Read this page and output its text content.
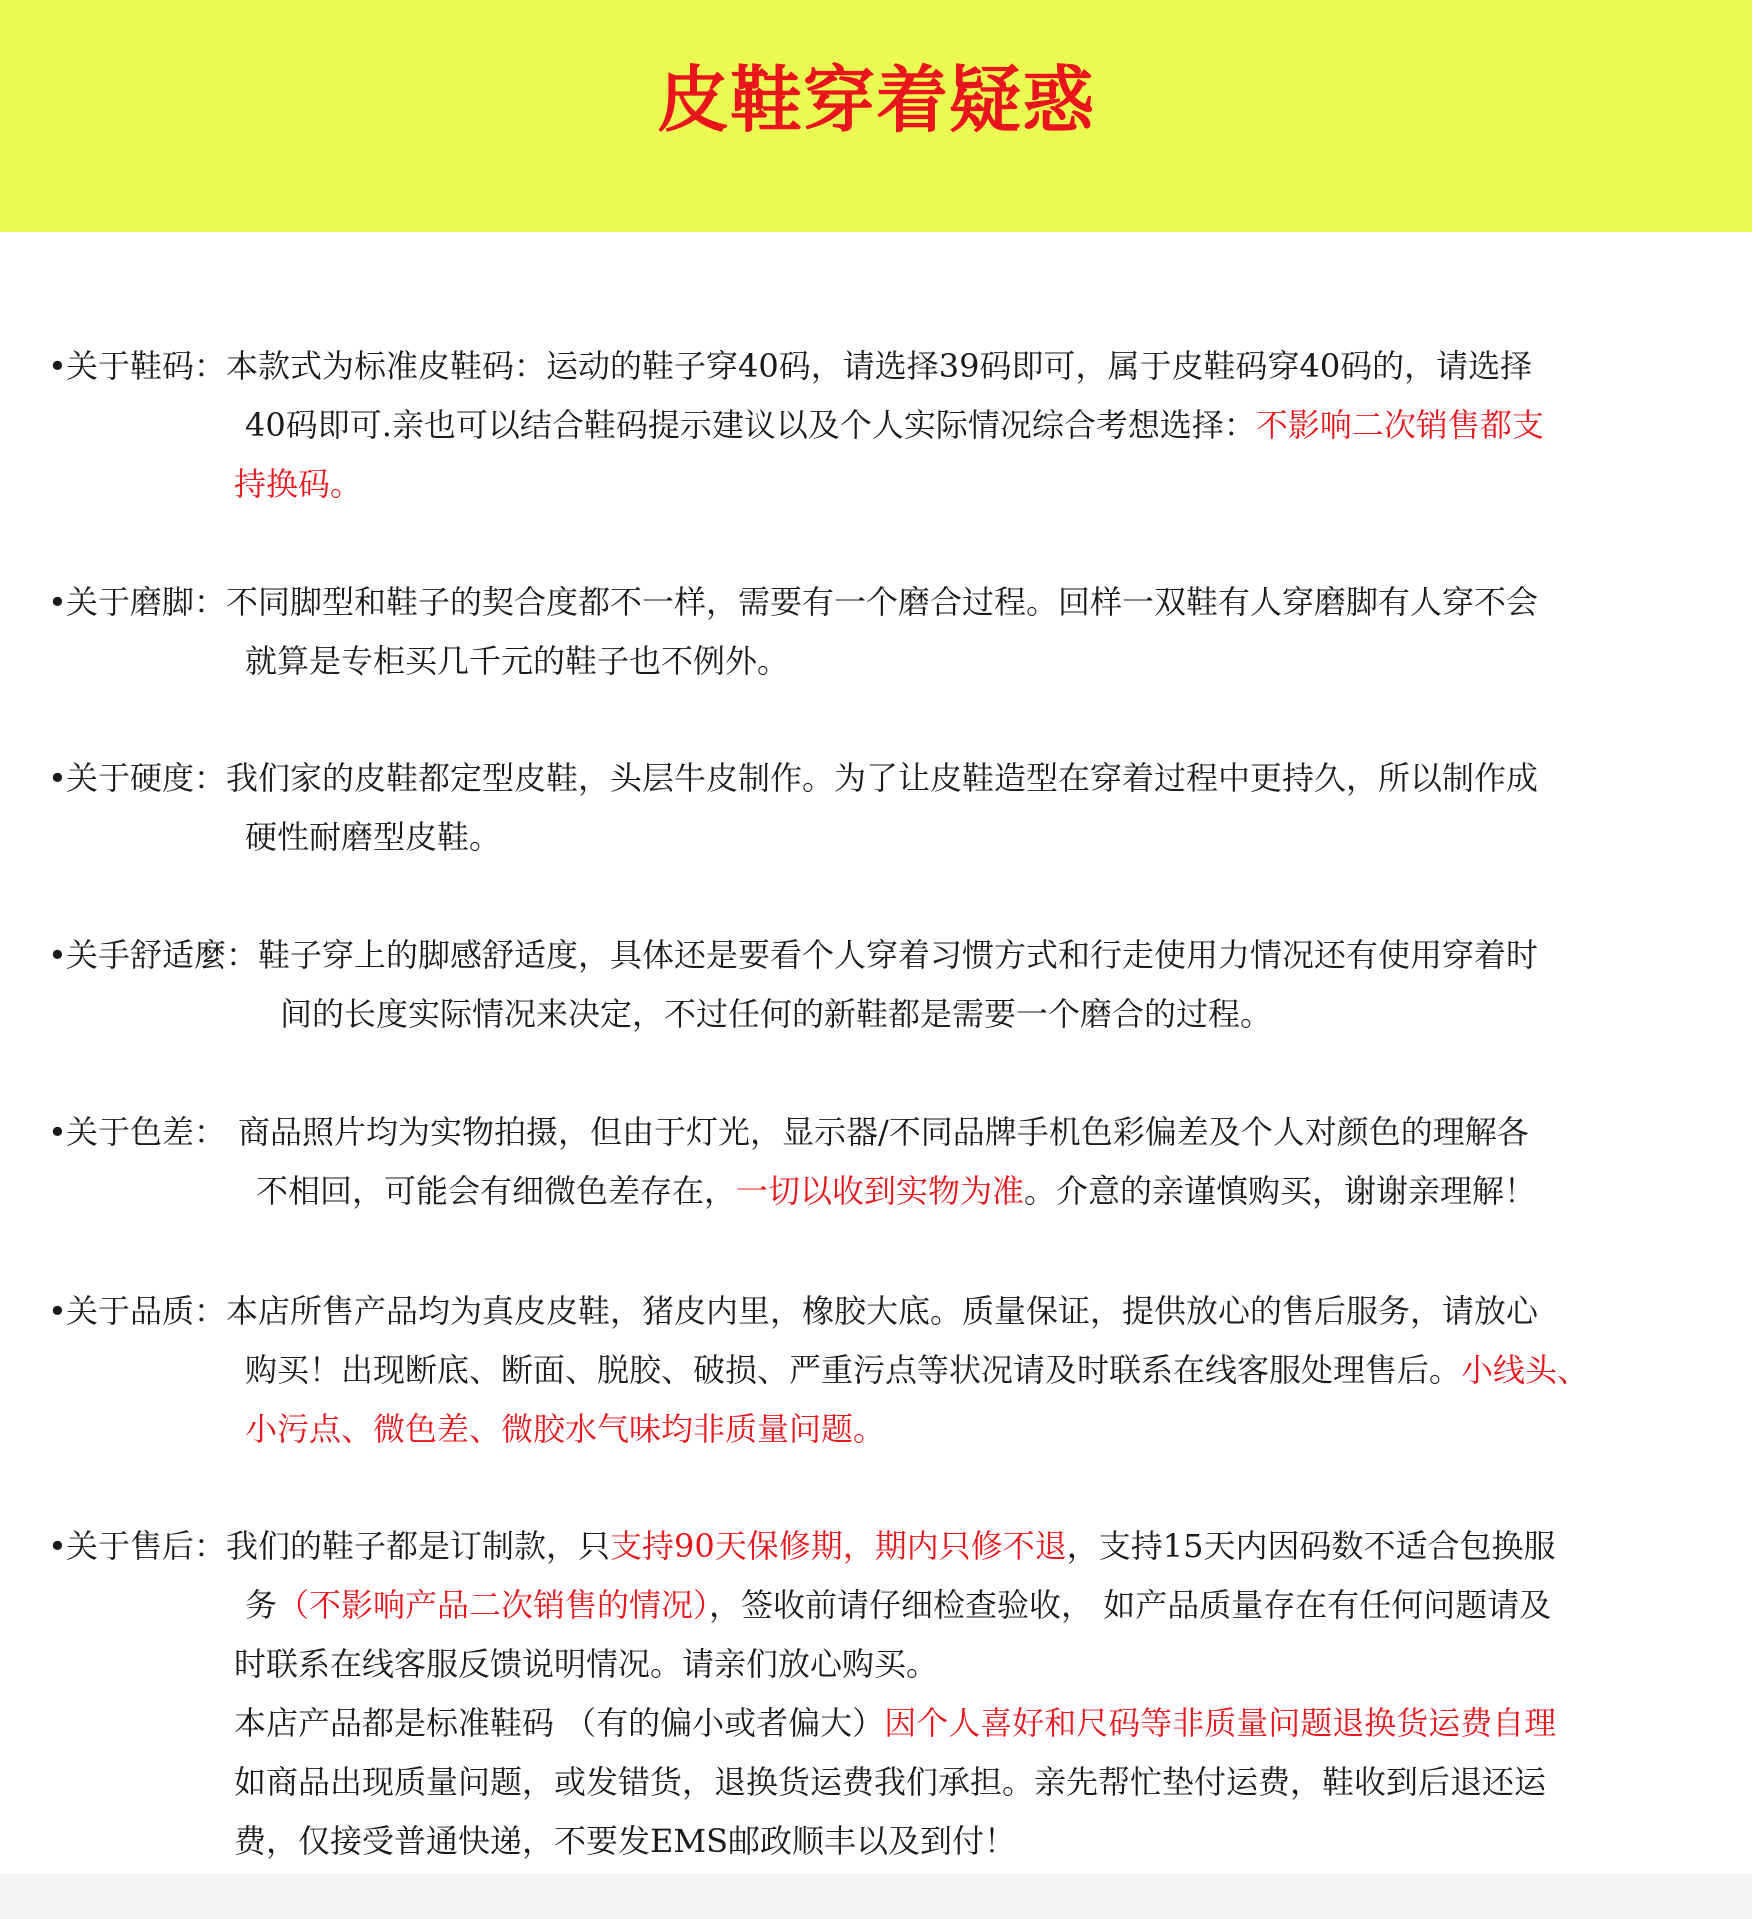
皮鞋穿着疑惑
•关于鞋码：本款式为标准皮鞋码：运动的鞋子穿40码，请选择39码即可，属于皮鞋码穿40码的，请选择
40码即可.亲也可以结合鞋码提示建议以及个人实际情况综合考想选择：不影响二次销售都支
持换码。
•关于磨脚：不同脚型和鞋子的契合度都不一样，需要有一个磨合过程。回样一双鞋有人穿磨脚有人穿不会
就算是专柜买几千元的鞋子也不例外。
•关于硬度：我们家的皮鞋都定型皮鞋，头层牛皮制作。为了让皮鞋造型在穿着过程中更持久，所以制作成
硬性耐磨型皮鞋。
•关手舒适麼：鞋子穿上的脚感舒适度，具体还是要看个人穿着习惯方式和行走使用力情况还有使用穿着时
间的长度实际情况来决定，不过任何的新鞋都是需要一个磨合的过程。
•关于色差： 商品照片均为实物拍摄，但由于灯光，显示器/不同品牌手机色彩偏差及个人对颜色的理解各
不相回，可能会有细微色差存在，一切以收到实物为准。介意的亲谨慎购买，谢谢亲理解！
•关于品质：本店所售产品均为真皮皮鞋，猪皮内里，橡胶大底。质量保证，提供放心的售后服务，请放心
购买！出现断底、断面、脱胶、破损、严重污点等状况请及时联系在线客服处理售后。小线头、
小污点、微色差、微胶水气味均非质量问题。
•关于售后：我们的鞋子都是订制款，只支持90天保修期，期内只修不退，支持15天内因码数不适合包换服
务（不影响产品二次销售的情况），签收前请仔细检查验收， 如产品质量存在有任何问题请及
时联系在线客服反馈说明情况。请亲们放心购买。
本店产品都是标准鞋码 （有的偏小或者偏大）因个人喜好和尺码等非质量问题退换货运费自理
如商品出现质量问题，或发错货，退换货运费我们承担。亲先帮忙垫付运费，鞋收到后退还运
费，仅接受普通快递，不要发EMS邮政顺丰以及到付！
